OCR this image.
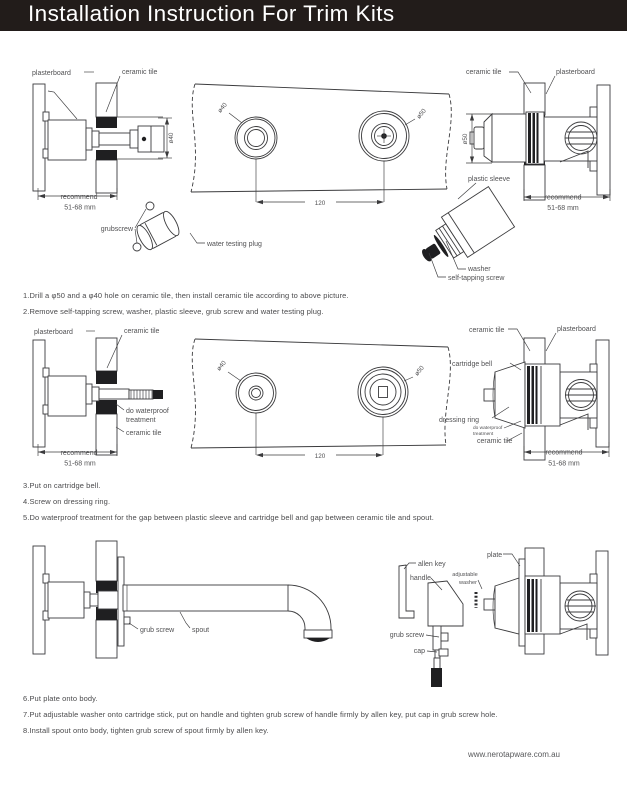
Installation Instruction For Trim Kits
ø40
recommend
51-68 mm
plasterboard	ceramic tile
ø40	ø50
120
grubscrew
water testing plug
ø50
ceramic tile	plasterboard
plastic sleeve
washer
self-tapping screw
recommend
51-68 mm
1.Drill a φ50 and a φ40 hole on ceramic tile, then install ceramic tile according to above picture.
2.Remove self-tapping screw, washer, plastic sleeve, grub screw and water testing plug.
plasterboard	ceramic tile
do waterproof
treatment
ceramic tile
recommend
51-68 mm
ø40	ø50
120
ceramic tile	plasterboard
cartridge bell
dressing ring
do waterproof
treatment
ceramic tile
recommend
51-68 mm
3.Put on cartridge bell.
4.Screw on dressing ring.
5.Do waterproof treatment for the gap between plastic sleeve and cartridge bell and gap between ceramic tile and spout.
grub screw	spout
allen key
handle	adjustable
washer
grub screw
cap
plate
6.Put plate onto body.
7.Put adjustable washer onto cartridge stick, put on handle and tighten grub screw of handle firmly by allen key, put cap in grub screw hole.
8.Install spout onto body, tighten grub screw of spout firmly by allen key.
www.nerotapware.com.au
